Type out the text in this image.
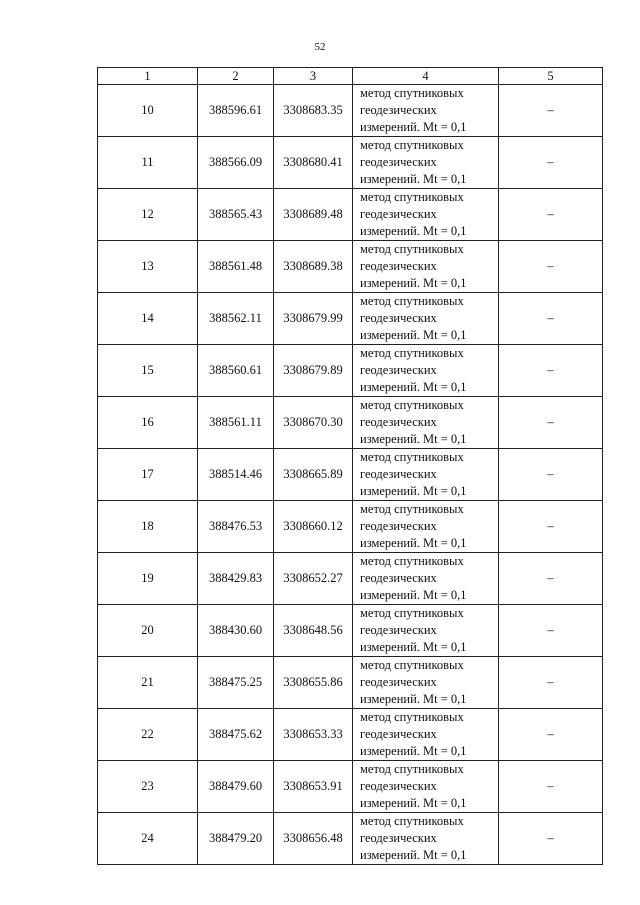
52
1	2	3	4	5
10	388596.61	3308683.35	метод спутниковых
геодезических
измерений. Mt = 0,1	–
11	388566.09	3308680.41	метод спутниковых
геодезических
измерений. Mt = 0,1	–
12	388565.43	3308689.48	метод спутниковых
геодезических
измерений. Mt = 0,1	–
13	388561.48	3308689.38	метод спутниковых
геодезических
измерений. Mt = 0,1	–
14	388562.11	3308679.99	метод спутниковых
геодезических
измерений. Mt = 0,1	–
15	388560.61	3308679.89	метод спутниковых
геодезических
измерений. Mt = 0,1	–
16	388561.11	3308670.30	метод спутниковых
геодезических
измерений. Mt = 0,1	–
17	388514.46	3308665.89	метод спутниковых
геодезических
измерений. Mt = 0,1	–
18	388476.53	3308660.12	метод спутниковых
геодезических
измерений. Mt = 0,1	–
19	388429.83	3308652.27	метод спутниковых
геодезических
измерений. Mt = 0,1	–
20	388430.60	3308648.56	метод спутниковых
геодезических
измерений. Mt = 0,1	–
21	388475.25	3308655.86	метод спутниковых
геодезических
измерений. Mt = 0,1	–
22	388475.62	3308653.33	метод спутниковых
геодезических
измерений. Mt = 0,1	–
23	388479.60	3308653.91	метод спутниковых
геодезических
измерений. Mt = 0,1	–
24	388479.20	3308656.48	метод спутниковых
геодезических
измерений. Mt = 0,1	–
